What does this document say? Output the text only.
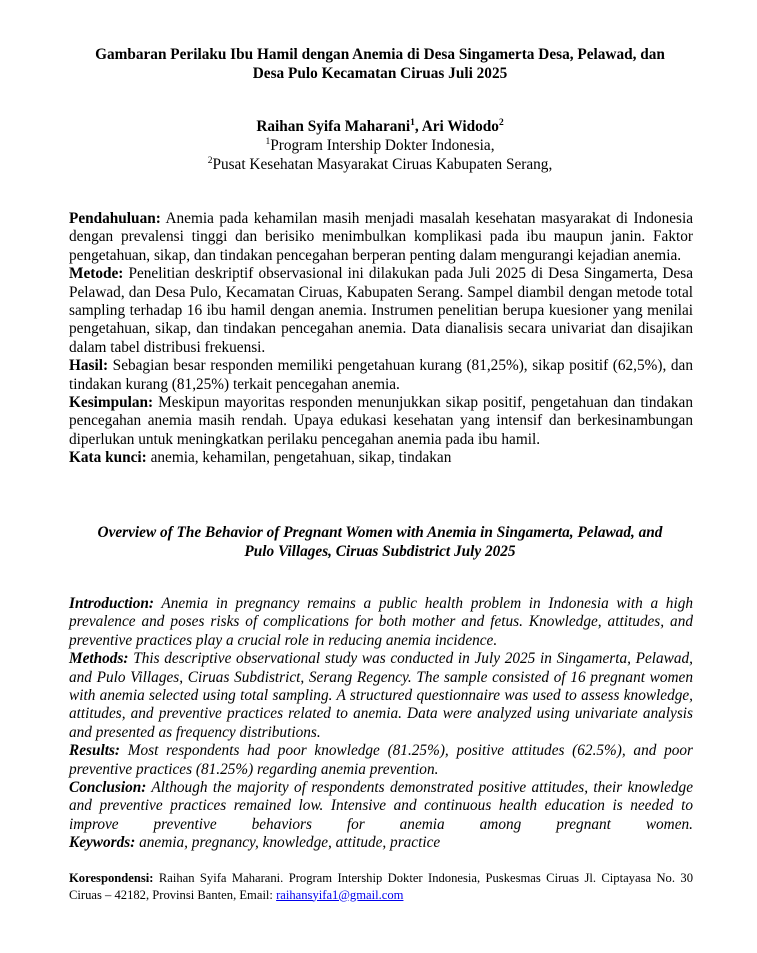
Gambaran Perilaku Ibu Hamil dengan Anemia di Desa Singamerta Desa, Pelawad, dan
Desa Pulo Kecamatan Ciruas Juli 2025
Raihan Syifa Maharani$^1$, Ari Widodo$^2$
$^1$Program Intership Dokter Indonesia,
$^2$Pusat Kesehatan Masyarakat Ciruas Kabupaten Serang,

Pendahuluan: Anemia pada kehamilan masih menjadi masalah kesehatan masyarakat di Indonesia dengan prevalensi tinggi dan berisiko menimbulkan komplikasi pada ibu maupun janin. Faktor pengetahuan, sikap, dan tindakan pencegahan berperan penting dalam mengurangi kejadian anemia.

Metode: Penelitian deskriptif observasional ini dilakukan pada Juli 2025 di Desa Singamerta, Desa Pelawad, dan Desa Pulo, Kecamatan Ciruas, Kabupaten Serang. Sampel diambil dengan metode total sampling terhadap 16 ibu hamil dengan anemia. Instrumen penelitian berupa kuesioner yang menilai pengetahuan, sikap, dan tindakan pencegahan anemia. Data dianalisis secara univariat dan disajikan dalam tabel distribusi frekuensi.

Hasil: Sebagian besar responden memiliki pengetahuan kurang (81,25%), sikap positif (62,5%), dan tindakan kurang (81,25%) terkait pencegahan anemia.

Kesimpulan: Meskipun mayoritas responden menunjukkan sikap positif, pengetahuan dan tindakan pencegahan anemia masih rendah. Upaya edukasi kesehatan yang intensif dan berkesinambungan diperlukan untuk meningkatkan perilaku pencegahan anemia pada ibu hamil.

Kata kunci: anemia, kehamilan, pengetahuan, sikap, tindakan

Overview of The Behavior of Pregnant Women with Anemia in Singamerta, Pelawad, and
Pulo Villages, Ciruas Subdistrict July 2025

Introduction: Anemia in pregnancy remains a public health problem in Indonesia with a high prevalence and poses risks of complications for both mother and fetus. Knowledge, attitudes, and preventive practices play a crucial role in reducing anemia incidence.

Methods: This descriptive observational study was conducted in July 2025 in Singamerta, Pelawad, and Pulo Villages, Ciruas Subdistrict, Serang Regency. The sample consisted of 16 pregnant women with anemia selected using total sampling. A structured questionnaire was used to assess knowledge, attitudes, and preventive practices related to anemia. Data were analyzed using univariate analysis and presented as frequency distributions.

Results: Most respondents had poor knowledge (81.25%), positive attitudes (62.5%), and poor preventive practices (81.25%) regarding anemia prevention.

Conclusion: Although the majority of respondents demonstrated positive attitudes, their knowledge and preventive practices remained low. Intensive and continuous health education is needed to improve preventive behaviors for anemia among pregnant women.

Keywords: anemia, pregnancy, knowledge, attitude, practice

Korespondensi: Raihan Syifa Maharani. Program Intership Dokter Indonesia, Puskesmas Ciruas Jl. Ciptayasa No. 30 Ciruas – 42182, Provinsi Banten, Email: raihansyifa1@gmail.com
